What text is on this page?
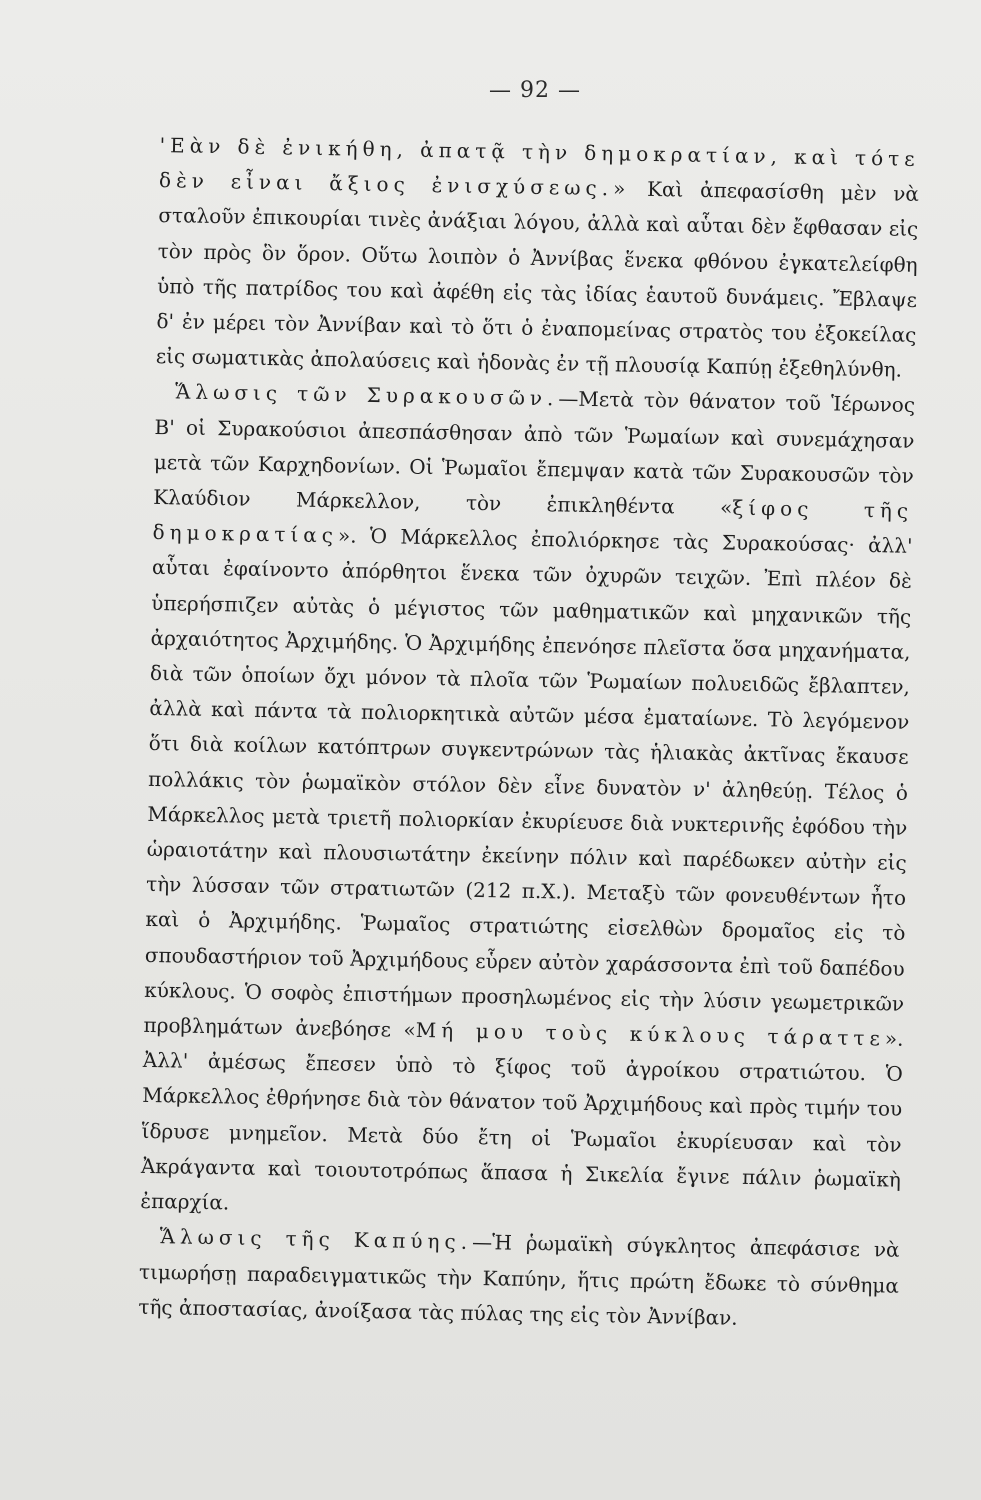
— 92 —

'Εὰν δὲ ἐνικήθη, ἀπατᾷ τὴν δημοκρατίαν, καὶ τότε δὲν εἶναι ἄξιος ἐνισχύσεως.» Καὶ ἀπεφασίσθη μὲν νὰ σταλοῦν ἐπικουρίαι τινὲς ἀνάξιαι λόγου, ἀλλὰ καὶ αὗται δὲν ἔφθασαν εἰς τὸν πρὸς ὃν ὅρον. Οὕτω λοιπὸν ὁ Ἀννίβας ἕνεκα φθόνου ἐγκατελείφθη ὑπὸ τῆς πατρίδος του καὶ ἀφέθη εἰς τὰς ἰδίας ἑαυτοῦ δυνάμεις. Ἔβλαψε δ' ἐν μέρει τὸν Ἀννίβαν καὶ τὸ ὅτι ὁ ἐναπομείνας στρατὸς του ἐξοκείλας εἰς σωματικὰς ἀπολαύσεις καὶ ἡδονὰς ἐν τῇ πλουσίᾳ Καπύῃ ἐξεθηλύνθη.

Ἅλωσις τῶν Συρακουσῶν.—Μετὰ τὸν θάνατον τοῦ Ἱέρωνος Β' οἱ Συρακούσιοι ἀπεσπάσθησαν ἀπὸ τῶν Ῥωμαίων καὶ συνεμάχησαν μετὰ τῶν Καρχηδονίων. Οἱ Ῥωμαῖοι ἔπεμψαν κατὰ τῶν Συρακουσῶν τὸν Κλαύδιον Μάρκελλον, τὸν ἐπικληθέντα «ξίφος τῆς δημοκρατίας». Ὁ Μάρκελλος ἐπολιόρκησε τὰς Συρακούσας· ἀλλ' αὗται ἐφαίνοντο ἀπόρθητοι ἕνεκα τῶν ὀχυρῶν τειχῶν. Ἐπὶ πλέον δὲ ὑπερήσπιζεν αὐτὰς ὁ μέγιστος τῶν μαθηματικῶν καὶ μηχανικῶν τῆς ἀρχαιότητος Ἀρχιμήδης. Ὁ Ἀρχιμήδης ἐπενόησε πλεῖστα ὅσα μηχανήματα, διὰ τῶν ὁποίων ὄχι μόνον τὰ πλοῖα τῶν Ῥωμαίων πολυειδῶς ἔβλαπτεν, ἀλλὰ καὶ πάντα τὰ πολιορκητικὰ αὐτῶν μέσα ἐματαίωνε. Τὸ λεγόμενον ὅτι διὰ κοίλων κατόπτρων συγκεντρώνων τὰς ἡλιακὰς ἀκτῖνας ἔκαυσε πολλάκις τὸν ῥωμαϊκὸν στόλον δὲν εἶνε δυνατὸν ν' ἀληθεύῃ. Τέλος ὁ Μάρκελλος μετὰ τριετῆ πολιορκίαν ἐκυρίευσε διὰ νυκτερινῆς ἐφόδου τὴν ὡραιοτάτην καὶ πλουσιωτάτην ἐκείνην πόλιν καὶ παρέδωκεν αὐτὴν εἰς τὴν λύσσαν τῶν στρατιωτῶν (212 π.Χ.). Μεταξὺ τῶν φονευθέντων ἦτο καὶ ὁ Ἀρχιμήδης. Ῥωμαῖος στρατιώτης εἰσελθὼν δρομαῖος εἰς τὸ σπουδαστήριον τοῦ Ἀρχιμήδους εὗρεν αὐτὸν χαράσσοντα ἐπὶ τοῦ δαπέδου κύκλους. Ὁ σοφὸς ἐπιστήμων προσηλωμένος εἰς τὴν λύσιν γεωμετρικῶν προβλημάτων ἀνεβόησε «Μή μου τοὺς κύκλους τάραττε». Ἀλλ' ἀμέσως ἔπεσεν ὑπὸ τὸ ξίφος τοῦ ἀγροίκου στρατιώτου. Ὁ Μάρκελλος ἐθρήνησε διὰ τὸν θάνατον τοῦ Ἀρχιμήδους καὶ πρὸς τιμήν του ἵδρυσε μνημεῖον. Μετὰ δύο ἔτη οἱ Ῥωμαῖοι ἐκυρίευσαν καὶ τὸν Ἀκράγαντα καὶ τοιουτοτρόπως ἅπασα ἡ Σικελία ἔγινε πάλιν ῥωμαϊκὴ ἐπαρχία.

Ἅλωσις τῆς Καπύης.—Ἡ ῥωμαϊκὴ σύγκλητος ἀπεφάσισε νὰ τιμωρήσῃ παραδειγματικῶς τὴν Καπύην, ἥτις πρώτη ἔδωκε τὸ σύνθημα τῆς ἀποστασίας, ἀνοίξασα τὰς πύλας της εἰς τὸν Ἀννίβαν.
